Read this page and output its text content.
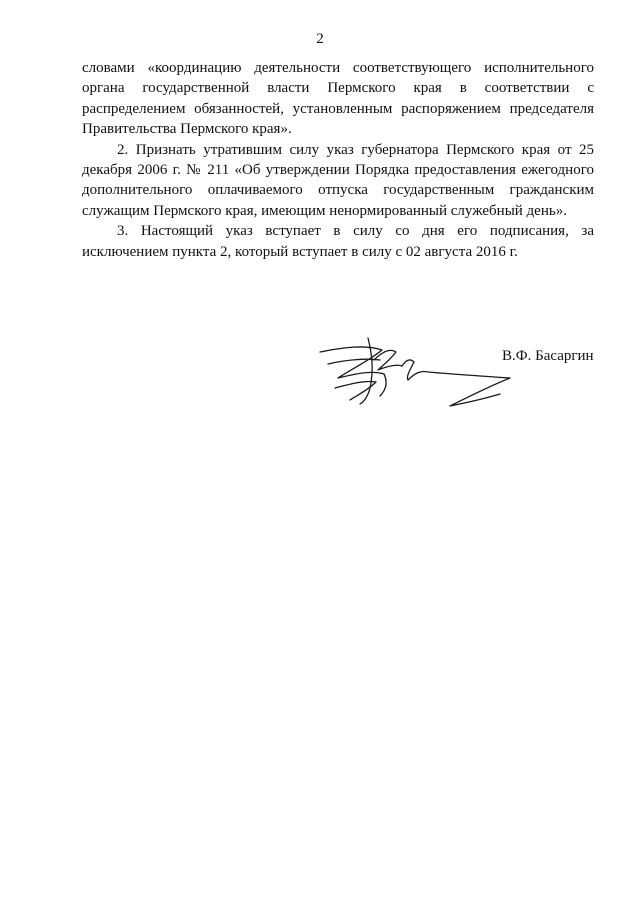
2

словами «координацию деятельности соответствующего исполнительного органа государственной власти Пермского края в соответствии с распределением обязанностей, установленным распоряжением председателя Правительства Пермского края».

2. Признать утратившим силу указ губернатора Пермского края от 25 декабря 2006 г. № 211 «Об утверждении Порядка предоставления ежегодного дополнительного оплачиваемого отпуска государственным гражданским служащим Пермского края, имеющим ненормированный служебный день».

3. Настоящий указ вступает в силу со дня его подписания, за исключением пункта 2, который вступает в силу с 02 августа 2016 г.

В.Ф. Басаргин
